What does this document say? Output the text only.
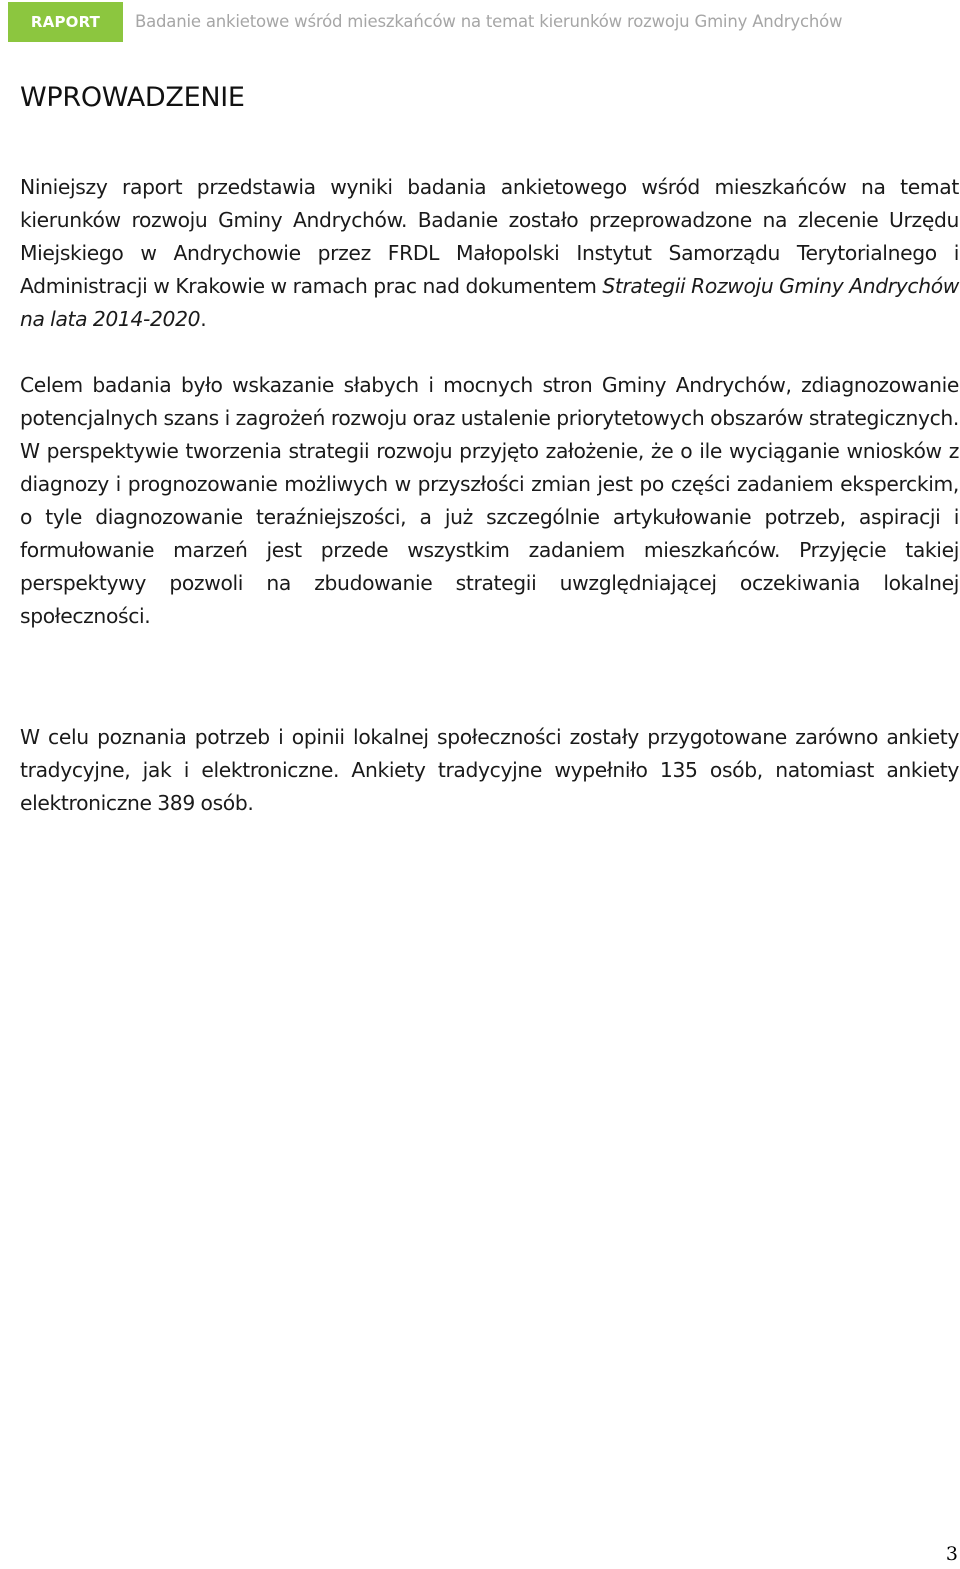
RAPORT	Badanie ankietowe wśród mieszkańców na temat kierunków rozwoju Gminy Andrychów
WPROWADZENIE

Niniejszy raport przedstawia wyniki badania ankietowego wśród mieszkańców na temat kierunków rozwoju Gminy Andrychów. Badanie zostało przeprowadzone na zlecenie Urzędu Miejskiego w Andrychowie przez FRDL Małopolski Instytut Samorządu Terytorialnego i Administracji w Krakowie w ramach prac nad dokumentem Strategii Rozwoju Gminy Andrychów na lata 2014-2020.

Celem badania było wskazanie słabych i mocnych stron Gminy Andrychów, zdiagnozowanie potencjalnych szans i zagrożeń rozwoju oraz ustalenie priorytetowych obszarów strategicznych. W perspektywie tworzenia strategii rozwoju przyjęto założenie, że o ile wyciąganie wniosków z diagnozy i prognozowanie możliwych w przyszłości zmian jest po części zadaniem eksperckim, o tyle diagnozowanie teraźniejszości, a już szczególnie artykułowanie potrzeb, aspiracji i formułowanie marzeń jest przede wszystkim zadaniem mieszkańców. Przyjęcie takiej perspektywy pozwoli na zbudowanie strategii uwzględniającej oczekiwania lokalnej społeczności.

W celu poznania potrzeb i opinii lokalnej społeczności zostały przygotowane zarówno ankiety tradycyjne, jak i elektroniczne. Ankiety tradycyjne wypełniło 135 osób, natomiast ankiety elektroniczne 389 osób.

3
